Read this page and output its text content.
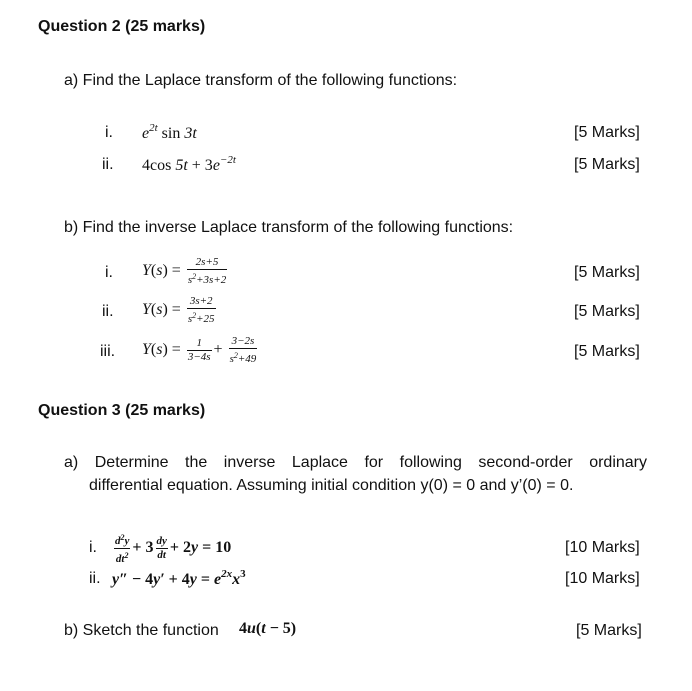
Question 2 (25 marks)
a) Find the Laplace transform of the following functions:
i. $e^{2t}$ sin 3t	[5 Marks]
ii. 4cos $5t + 3e^{-2t}$	[5 Marks]
b) Find the inverse Laplace transform of the following functions:
i. $Y(s) = \frac{2s+5}{s^2+3s+2}$	[5 Marks]
ii. $Y(s) = \frac{3s+2}{s^2+25}$	[5 Marks]
iii. $Y(s) = \frac{1}{3-4s} + \frac{3-2s}{s^2+49}$	[5 Marks]
Question 3 (25 marks)
a) Determine the inverse Laplace for following second-order ordinary
differential equation. Assuming initial condition y(0) = 0 and y’(0) = 0.
i. $\frac{d^2y}{dt^2} + 3 \frac{dy}{dt} + 2y = 10$	[10 Marks]
ii. $y'' - 4y' + 4y = e^{2x}x^3$	[10 Marks]
b) Sketch the function 4u(t − 5)	[5 Marks]
